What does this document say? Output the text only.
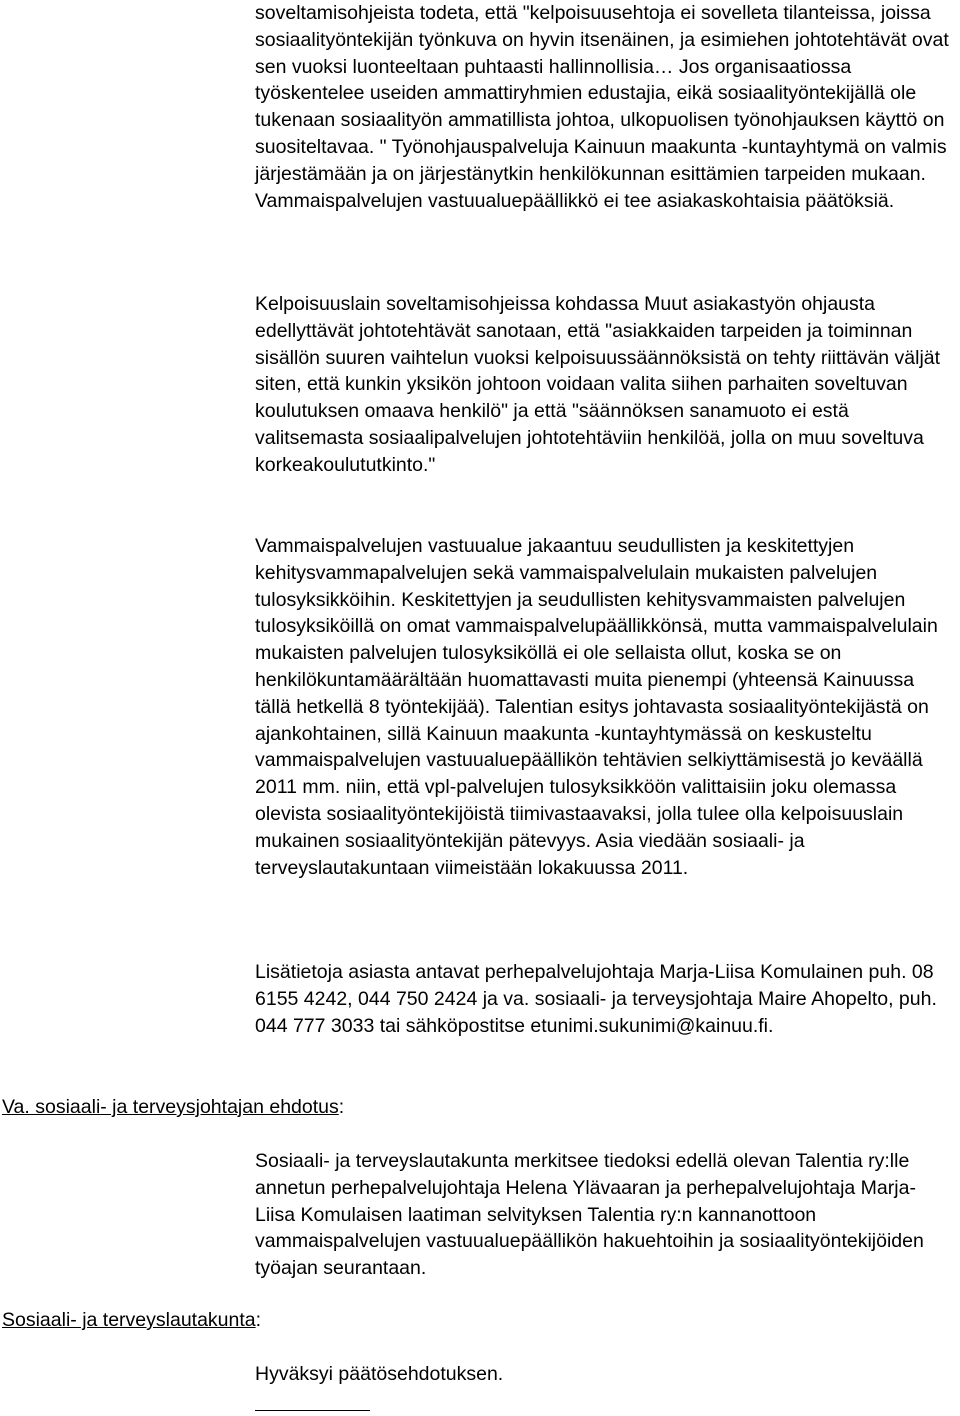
soveltamisohjeista todeta, että "kelpoisuusehtoja ei sovelleta tilanteissa, joissa sosiaalityöntekijän työnkuva on hyvin itsenäinen, ja esimiehen johtotehtävät ovat sen vuoksi luonteeltaan puhtaasti hallinnollisia… Jos organisaatiossa työskentelee useiden ammattiryhmien edustajia, eikä sosiaalityöntekijällä ole tukenaan sosiaalityön ammatillista johtoa, ulkopuolisen työnohjauksen käyttö on suositeltavaa. " Työnohjauspalveluja Kainuun maakunta -kuntayhtymä on valmis järjestämään ja on järjestänytkin henkilökunnan esittämien tarpeiden mukaan. Vammaispalvelujen vastuualuepäällikkö ei tee asiakaskohtaisia päätöksiä.

Kelpoisuuslain soveltamisohjeissa kohdassa Muut asiakastyön ohjausta edellyttävät johtotehtävät sanotaan, että "asiakkaiden tarpeiden ja toiminnan sisällön suuren vaihtelun vuoksi kelpoisuussäännöksistä on tehty riittävän väljät siten, että kunkin yksikön johtoon voidaan valita siihen parhaiten soveltuvan koulutuksen omaava henkilö" ja että "säännöksen sanamuoto ei estä valitsemasta sosiaalipalvelujen johtotehtäviin henkilöä, jolla on muu soveltuva korkeakoulututkinto."

Vammaispalvelujen vastuualue jakaantuu seudullisten ja keskitettyjen kehitysvammapalvelujen sekä vammaispalvelulain mukaisten palvelujen tulosyksikköihin. Keskitettyjen ja seudullisten kehitysvammaisten palvelujen tulosyksiköillä on omat vammaispalvelupäällikkönsä, mutta vammaispalvelulain mukaisten palvelujen tulosyksiköllä ei ole sellaista ollut, koska se on henkilökuntamäärältään huomattavasti muita pienempi (yhteensä Kainuussa tällä hetkellä 8 työntekijää). Talentian esitys johtavasta sosiaalityöntekijästä on ajankohtainen, sillä Kainuun maakunta -kuntayhtymässä on keskusteltu vammaispalvelujen vastuualuepäällikön tehtävien selkiyttämisestä jo keväällä 2011 mm. niin, että vpl-palvelujen tulosyksikköön valittaisiin joku olemassa olevista sosiaalityöntekijöistä tiimivastaavaksi, jolla tulee olla kelpoisuuslain mukainen sosiaalityöntekijän pätevyys. Asia viedään sosiaali- ja terveyslautakuntaan viimeistään lokakuussa 2011.

Lisätietoja asiasta antavat perhepalvelujohtaja Marja-Liisa Komulainen puh. 08 6155 4242, 044 750 2424 ja va. sosiaali- ja terveysjohtaja Maire Ahopelto, puh. 044 777 3033 tai sähköpostitse etunimi.sukunimi@kainuu.fi.

Va. sosiaali- ja terveysjohtajan ehdotus:

Sosiaali- ja terveyslautakunta merkitsee tiedoksi edellä olevan Talentia ry:lle annetun perhepalvelujohtaja Helena Ylävaaran ja perhepalvelujohtaja Marja-Liisa Komulaisen laatiman selvityksen Talentia ry:n kannanottoon vammaispalvelujen vastuualuepäällikön hakuehtoihin ja sosiaalityöntekijöiden työajan seurantaan.

Sosiaali- ja terveyslautakunta:

Hyväksyi päätösehdotuksen.
